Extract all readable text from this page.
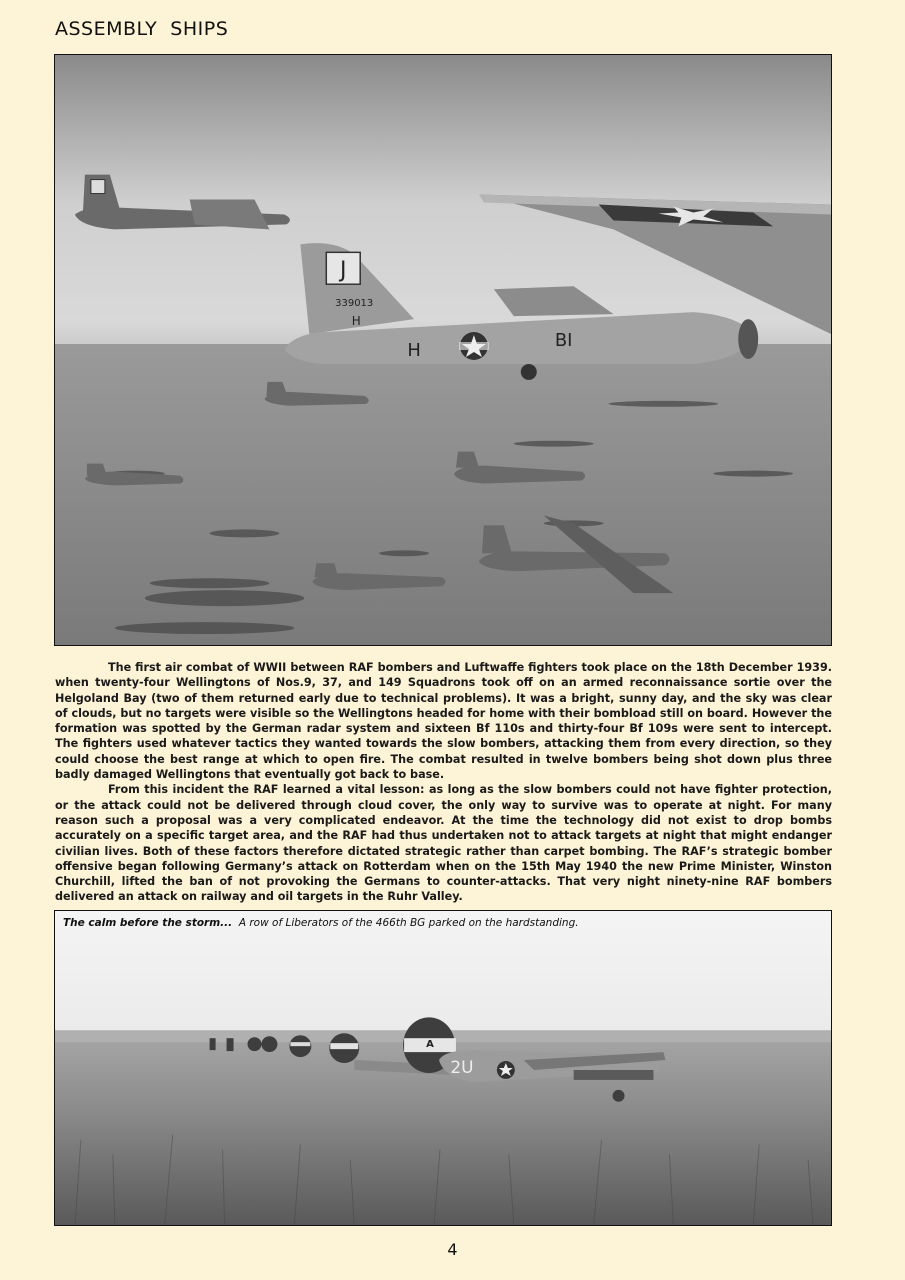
ASSEMBLY  SHIPS
J
339013
H
H	BI

The first air combat of WWII between RAF bombers and Luftwaffe fighters took place on the 18th December 1939. when twenty-four Wellingtons of Nos.9, 37, and 149 Squadrons took off on an armed reconnaissance sortie over the Helgoland Bay (two of them returned early due to technical problems). It was a bright, sunny day, and the sky was clear of clouds, but no targets were visible so the Wellingtons headed for home with their bombload still on board. However the formation was spotted by the German radar system and sixteen Bf 110s and thirty-four Bf 109s were sent to intercept. The fighters used whatever tactics they wanted towards the slow bombers, attacking them from every direction, so they could choose the best range at which to open fire. The combat resulted in twelve bombers being shot down plus three badly damaged Wellingtons that eventually got back to base.

From this incident the RAF learned a vital lesson: as long as the slow bombers could not have fighter protection, or the attack could not be delivered through cloud cover, the only way to survive was to operate at night. For many reason such a proposal was a very complicated endeavor. At the time the technology did not exist to drop bombs accurately on a specific target area, and the RAF had thus undertaken not to attack targets at night that might endanger civilian lives. Both of these factors therefore dictated strategic rather than carpet bombing. The RAF’s strategic bomber offensive began following Germany’s attack on Rotterdam when on the 15th May 1940 the new Prime Minister, Winston Churchill, lifted the ban of not provoking the Germans to counter-attacks. That very night ninety-nine RAF bombers delivered an attack on railway and oil targets in the Ruhr Valley.

A
2U
The calm before the storm... A row of Liberators of the 466th BG parked on the hardstanding.
4
